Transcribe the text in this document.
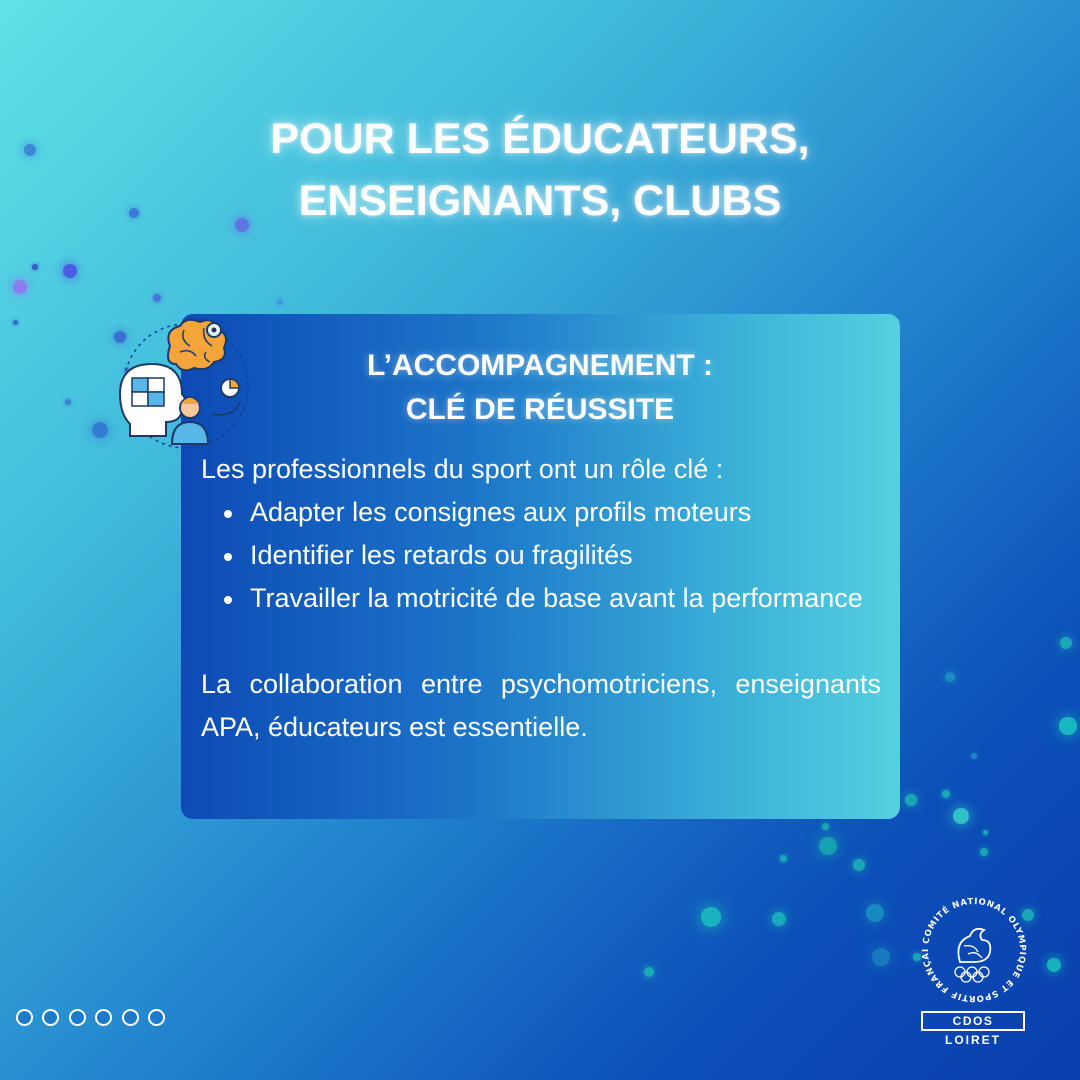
POUR LES ÉDUCATEURS,
ENSEIGNANTS, CLUBS
L’ACCOMPAGNEMENT :
CLÉ DE RÉUSSITE
Les professionnels du sport ont un rôle clé :
Adapter les consignes aux profils moteurs
Identifier les retards ou fragilités
Travailler la motricité de base avant la performance
La collaboration entre psychomotriciens, enseignants APA, éducateurs est essentielle.
COMITÉ NATIONAL OLYMPIQUE ET SPORTIF FRANÇAI
CDOS
LOIRET
